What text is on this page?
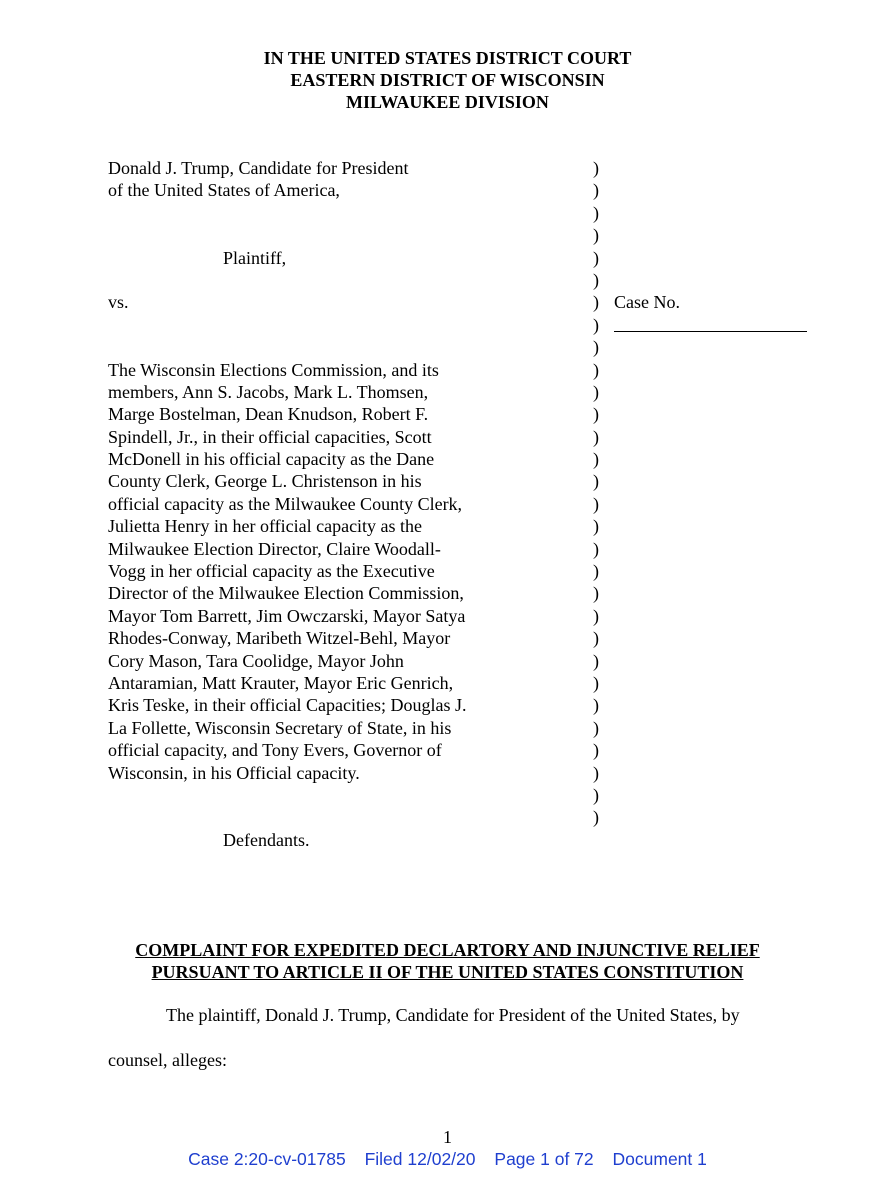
IN THE UNITED STATES DISTRICT COURT
EASTERN DISTRICT OF WISCONSIN
MILWAUKEE DIVISION
Donald J. Trump, Candidate for President
of the United States of America,
Plaintiff,
vs.
The Wisconsin Elections Commission, and its
members, Ann S. Jacobs, Mark L. Thomsen,
Marge Bostelman, Dean Knudson, Robert F.
Spindell, Jr., in their official capacities, Scott
McDonell in his official capacity as the Dane
County Clerk, George L. Christenson in his
official capacity as the Milwaukee County Clerk,
Julietta Henry in her official capacity as the
Milwaukee Election Director, Claire Woodall-
Vogg in her official capacity as the Executive
Director of the Milwaukee Election Commission,
Mayor Tom Barrett, Jim Owczarski, Mayor Satya
Rhodes-Conway, Maribeth Witzel-Behl, Mayor
Cory Mason, Tara Coolidge, Mayor John
Antaramian, Matt Krauter, Mayor Eric Genrich,
Kris Teske, in their official Capacities; Douglas J.
La Follette, Wisconsin Secretary of State, in his
official capacity, and Tony Evers, Governor of
Wisconsin, in his Official capacity.
Defendants.
)
)
)
)
)
)
)
)
)
)
)
)
)
)
)
)
)
)
)
)
)
)
)
)
)
)
)
)
)
)
Case No.
COMPLAINT FOR EXPEDITED DECLARTORY AND INJUNCTIVE RELIEF
PURSUANT TO ARTICLE II OF THE UNITED STATES CONSTITUTION
The plaintiff, Donald J. Trump, Candidate for President of the United States, by
counsel, alleges:
1
Case 2:20-cv-01785 Filed 12/02/20 Page 1 of 72 Document 1
